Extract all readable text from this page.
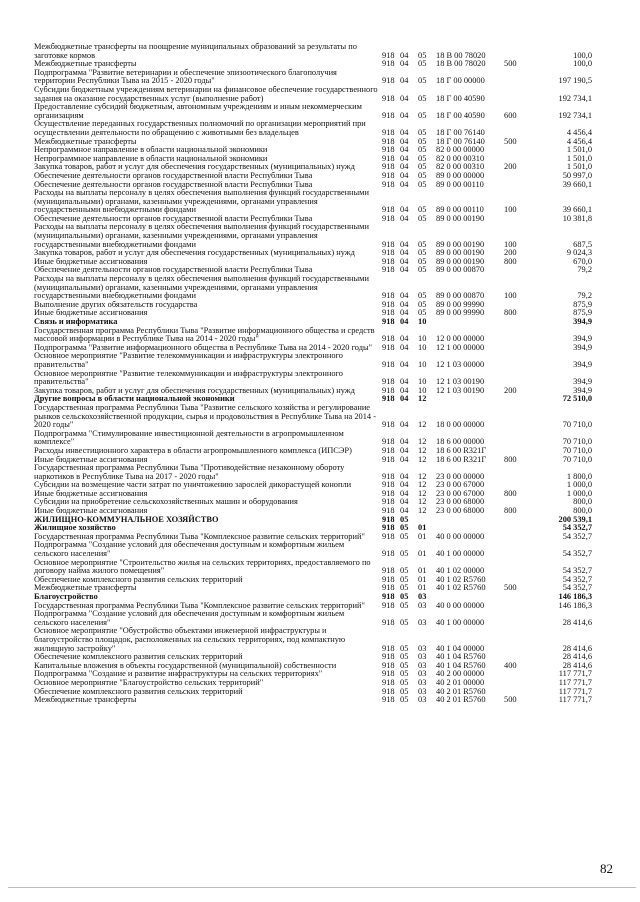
Межбюджетные трансферты на поощрение муниципальных образований за результаты по заготовке кормов	918 04	05	18 В 00 78020	100,0
Межбюджетные трансферты	918 04	05	18 В 00 78020	500	100,0
Подпрограмма "Развитие ветеринарии и обеспечение эпизоотического благополучия территории Республики Тыва на 2015 - 2020 годы"	918 04	05	18 Г 00 00000	197 190,5
Субсидии бюджетным учреждениям ветеринарии на финансовое обеспечение государственного задания на оказание государственных услуг (выполнение работ)	918 04	05	18 Г 00 40590	192 734,1
Предоставление субсидий бюджетным, автономным учреждениям и иным некоммерческим организациям	918 04	05	18 Г 00 40590	600	192 734,1
Осуществление переданных государственных полномочий по организации мероприятий при осуществлении деятельности по обращению с животными без владельцев	918 04	05	18 Г 00 76140	4 456,4
Межбюджетные трансферты	918 04	05	18 Г 00 76140	500	4 456,4
Непрограммное направление в области национальной экономики	918 04	05	82 0 00 00000	1 501,0
Непрограммное направление в области национальной экономики	918 04	05	82 0 00 00310	1 501,0
Закупка товаров, работ и услуг для обеспечения государственных (муниципальных) нужд	918 04	05	82 0 00 00310	200	1 501,0
Обеспечение деятельности органов государственной власти Республики Тыва	918 04	05	89 0 00 00000	50 997,0
Обеспечение деятельности органов государственной власти Республики Тыва	918 04	05	89 0 00 00110	39 660,1
Расходы на выплаты персоналу в целях обеспечения выполнения функций государственными (муниципальными) органами, казенными учреждениями, органами управления государственными внебюджетными фондами	918 04	05	89 0 00 00110	100	39 660,1
Обеспечение деятельности органов государственной власти Республики Тыва	918 04	05	89 0 00 00190	10 381,8
Расходы на выплаты персоналу в целях обеспечения выполнения функций государственными (муниципальными) органами, казенными учреждениями, органами управления государственными внебюджетными фондами	918 04	05	89 0 00 00190	100	687,5
Закупка товаров, работ и услуг для обеспечения государственных (муниципальных) нужд	918 04	05	89 0 00 00190	200	9 024,3
Иные бюджетные ассигнования	918 04	05	89 0 00 00190	800	670,0
Обеспечение деятельности органов государственной власти Республики Тыва	918 04	05	89 0 00 00870	79,2
Расходы на выплаты персоналу в целях обеспечения выполнения функций государственными (муниципальными) органами, казенными учреждениями, органами управления государственными внебюджетными фондами	918 04	05	89 0 00 00870	100	79,2
Выполнение других обязательств государства	918 04	05	89 0 00 99990	875,9
Иные бюджетные ассигнования	918 04	05	89 0 00 99990	800	875,9
Связь и информатика	918 04	10	394,9
Государственная программа Республики Тыва "Развитие информационного общества и средств массовой информации в Республике Тыва на 2014 - 2020 годы"	918 04	10	12 0 00 00000	394,9
Подпрограмма "Развитие информационного общества в Республике Тыва на 2014 - 2020 годы"	918 04	10	12 1 00 00000	394,9
Основное мероприятие "Развитие телекоммуникации и инфраструктуры электронного правительства"	918 04	10	12 1 03 00000	394,9
Основное мероприятие "Развитие телекоммуникации и инфраструктуры электронного правительства"	918 04	10	12 1 03 00190	394,9
Закупка товаров, работ и услуг для обеспечения государственных (муниципальных) нужд	918 04	10	12 1 03 00190	200	394,9
Другие вопросы в области национальной экономики	918 04	12	72 510,0
Государственная программа Республики Тыва "Развитие сельского хозяйства и регулирование рынков сельскохозяйственной продукции, сырья и продовольствия в Республике Тыва на 2014 - 2020 годы"	918 04	12	18 0 00 00000	70 710,0
Подпрограмма "Стимулирование инвестиционной деятельности в агропромышленном комплексе"	918 04	12	18 6 00 00000	70 710,0
Расходы инвестиционного характера в области агропромышленного комплекса (ИПСЭР)	918 04	12	18 6 00 R321Г	70 710,0
Иные бюджетные ассигнования	918 04	12	18 6 00 R321Г	800	70 710,0
Государственная программа Республики Тыва "Противодействие незаконному обороту наркотиков в Республике Тыва на 2017 - 2020 годы"	918 04	12	23 0 00 00000	1 800,0
Субсидии на возмещение части затрат по уничтожению зарослей дикорастущей конопли	918 04	12	23 0 00 67000	1 000,0
Иные бюджетные ассигнования	918 04	12	23 0 00 67000	800	1 000,0
Субсидии на приобретение сельскохозяйственных машин и оборудования	918 04	12	23 0 00 68000	800,0
Иные бюджетные ассигнования	918 04	12	23 0 00 68000	800	800,0
ЖИЛИЩНО-КОММУНАЛЬНОЕ ХОЗЯЙСТВО	918 05	200 539,1
Жилищное хозяйство	918 05	01	54 352,7
Государственная программа Республики Тыва "Комплексное развитие сельских территорий"	918 05	01	40 0 00 00000	54 352,7
Подпрограмма "Создание условий для обеспечения доступным и комфортным жильем сельского населения"	918 05	01	40 1 00 00000	54 352,7
Основное мероприятие "Строительство жилья на сельских территориях, предоставляемого по договору найма жилого помещения"	918 05	01	40 1 02 00000	54 352,7
Обеспечение комплексного развития сельских территорий	918 05	01	40 1 02 R5760	54 352,7
Межбюджетные трансферты	918 05	01	40 1 02 R5760	500	54 352,7
Благоустройство	918 05	03	146 186,3
Государственная программа Республики Тыва "Комплексное развитие сельских территорий"	918 05	03	40 0 00 00000	146 186,3
Подпрограмма "Создание условий для обеспечения доступным и комфортным жильем сельского населения"	918 05	03	40 1 00 00000	28 414,6
Основное мероприятие "Обустройство объектами инженерной инфраструктуры и благоустройство площадок, расположенных на сельских территориях, под компактную жилищную застройку"	918 05	03	40 1 04 00000	28 414,6
Обеспечение комплексного развития сельских территорий	918 05	03	40 1 04 R5760	28 414,6
Капитальные вложения в объекты государственной (муниципальной) собственности	918 05	03	40 1 04 R5760	400	28 414,6
Подпрограмма "Создание и развитие инфраструктуры на сельских территориях"	918 05	03	40 2 00 00000	117 771,7
Основное мероприятие "Благоустройство сельских территорий"	918 05	03	40 2 01 00000	117 771,7
Обеспечение комплексного развития сельских территорий	918 05	03	40 2 01 R5760	117 771,7
Межбюджетные трансферты	918 05	03	40 2 01 R5760	500	117 771,7
82
